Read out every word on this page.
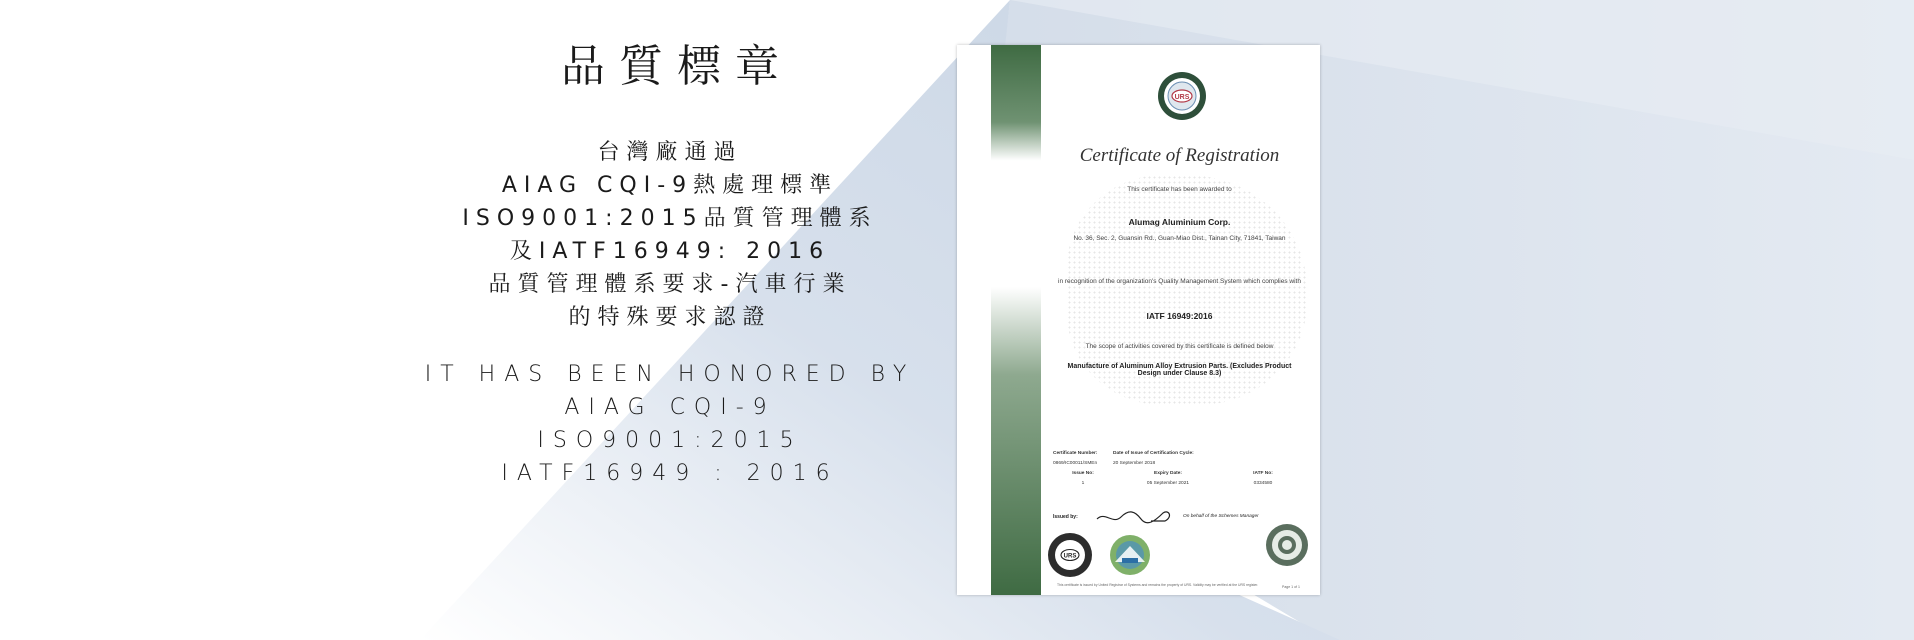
品質標章
台灣廠通過
AIAG CQI-9熱處理標準
ISO9001:2015品質管理體系
及IATF16949: 2016
品質管理體系要求-汽車行業
的特殊要求認證
IT HAS BEEN HONORED BY
AIAG CQI-9
ISO9001:2015
IATF16949 : 2016
URS
Certificate of Registration
This certificate has been awarded to
Alumag Aluminium Corp.
No. 36, Sec. 2, Guansin Rd., Guan-Miao Dist., Tainan City, 71841, Taiwan
in recognition of the organization's Quality Management System which complies with
IATF 16949:2016
The scope of activities covered by this certificate is defined below
Manufacture of Aluminum Alloy Extrusion Parts. (Excludes Product Design under Clause 8.3)
Certificate Number:	Date of Issue of Certification Cycle:
0869/IC00011/SMEn	20 September 2018
Issue No:	Expiry Date:	IATF No:
1	05 September 2021	0334580
Issued by:	On behalf of the Schemes Manager
URS
This certificate is issued by United Registrar of Systems and remains the property of URS. Validity may be verified at the URS register.	Page 1 of 1
